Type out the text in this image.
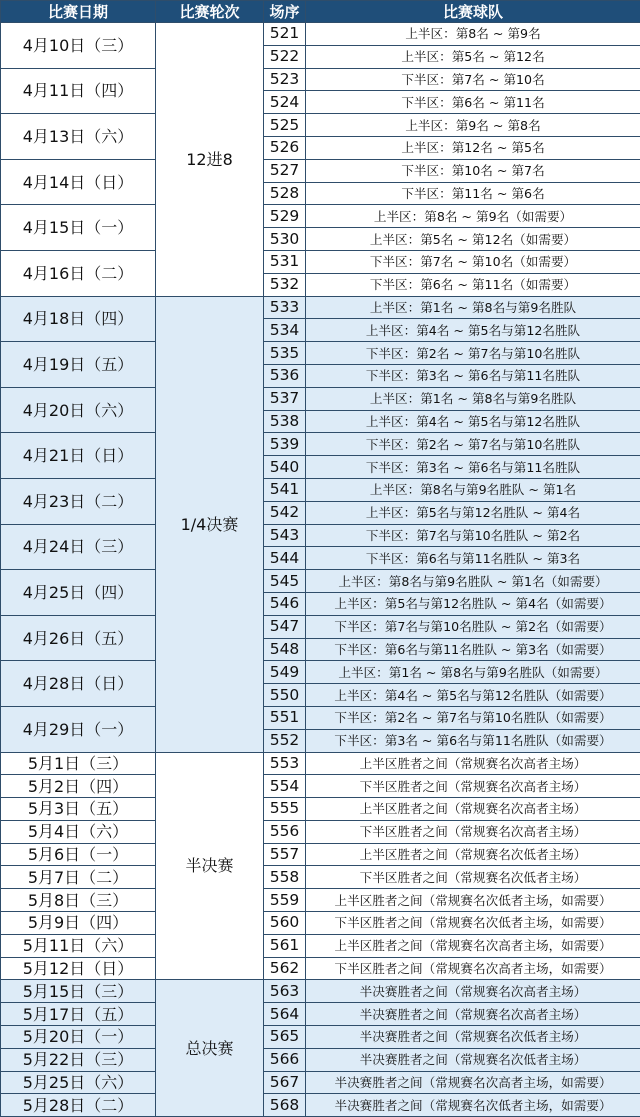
比赛日期	比赛轮次	场序	比赛球队
4月10日（三）	12进8	521	上半区：第8名 ~ 第9名
		522	上半区：第5名 ~ 第12名
4月11日（四）		523	下半区：第7名 ~ 第10名
		524	下半区：第6名 ~ 第11名
4月13日（六）		525	上半区：第9名 ~ 第8名
		526	上半区：第12名 ~ 第5名
4月14日（日）		527	下半区：第10名 ~ 第7名
		528	下半区：第11名 ~ 第6名
4月15日（一）		529	上半区：第8名 ~ 第9名（如需要）
		530	上半区：第5名 ~ 第12名（如需要）
4月16日（二）		531	下半区：第7名 ~ 第10名（如需要）
		532	下半区：第6名 ~ 第11名（如需要）
4月18日（四）	1/4决赛	533	上半区：第1名 ~ 第8名与第9名胜队
		534	上半区：第4名 ~ 第5名与第12名胜队
4月19日（五）		535	下半区：第2名 ~ 第7名与第10名胜队
		536	下半区：第3名 ~ 第6名与第11名胜队
4月20日（六）		537	上半区：第1名 ~ 第8名与第9名胜队
		538	上半区：第4名 ~ 第5名与第12名胜队
4月21日（日）		539	下半区：第2名 ~ 第7名与第10名胜队
		540	下半区：第3名 ~ 第6名与第11名胜队
4月23日（二）		541	上半区：第8名与第9名胜队 ~ 第1名
		542	上半区：第5名与第12名胜队 ~ 第4名
4月24日（三）		543	下半区：第7名与第10名胜队 ~ 第2名
		544	下半区：第6名与第11名胜队 ~ 第3名
4月25日（四）		545	上半区：第8名与第9名胜队 ~ 第1名（如需要）
		546	上半区：第5名与第12名胜队 ~ 第4名（如需要）
4月26日（五）		547	下半区：第7名与第10名胜队 ~ 第2名（如需要）
		548	下半区：第6名与第11名胜队 ~ 第3名（如需要）
4月28日（日）		549	上半区：第1名 ~ 第8名与第9名胜队（如需要）
		550	上半区：第4名 ~ 第5名与第12名胜队（如需要）
4月29日（一）		551	下半区：第2名 ~ 第7名与第10名胜队（如需要）
		552	下半区：第3名 ~ 第6名与第11名胜队（如需要）
5月1日（三）	半决赛	553	上半区胜者之间（常规赛名次高者主场）
5月2日（四）		554	下半区胜者之间（常规赛名次高者主场）
5月3日（五）		555	上半区胜者之间（常规赛名次高者主场）
5月4日（六）		556	下半区胜者之间（常规赛名次高者主场）
5月6日（一）		557	上半区胜者之间（常规赛名次低者主场）
5月7日（二）		558	下半区胜者之间（常规赛名次低者主场）
5月8日（三）		559	上半区胜者之间（常规赛名次低者主场，如需要）
5月9日（四）		560	下半区胜者之间（常规赛名次低者主场，如需要）
5月11日（六）		561	上半区胜者之间（常规赛名次高者主场，如需要）
5月12日（日）		562	下半区胜者之间（常规赛名次高者主场，如需要）
5月15日（三）	总决赛	563	半决赛胜者之间（常规赛名次高者主场）
5月17日（五）		564	半决赛胜者之间（常规赛名次高者主场）
5月20日（一）		565	半决赛胜者之间（常规赛名次低者主场）
5月22日（三）		566	半决赛胜者之间（常规赛名次低者主场）
5月25日（六）		567	半决赛胜者之间（常规赛名次高者主场，如需要）
5月28日（二）		568	半决赛胜者之间（常规赛名次低者主场，如需要）
